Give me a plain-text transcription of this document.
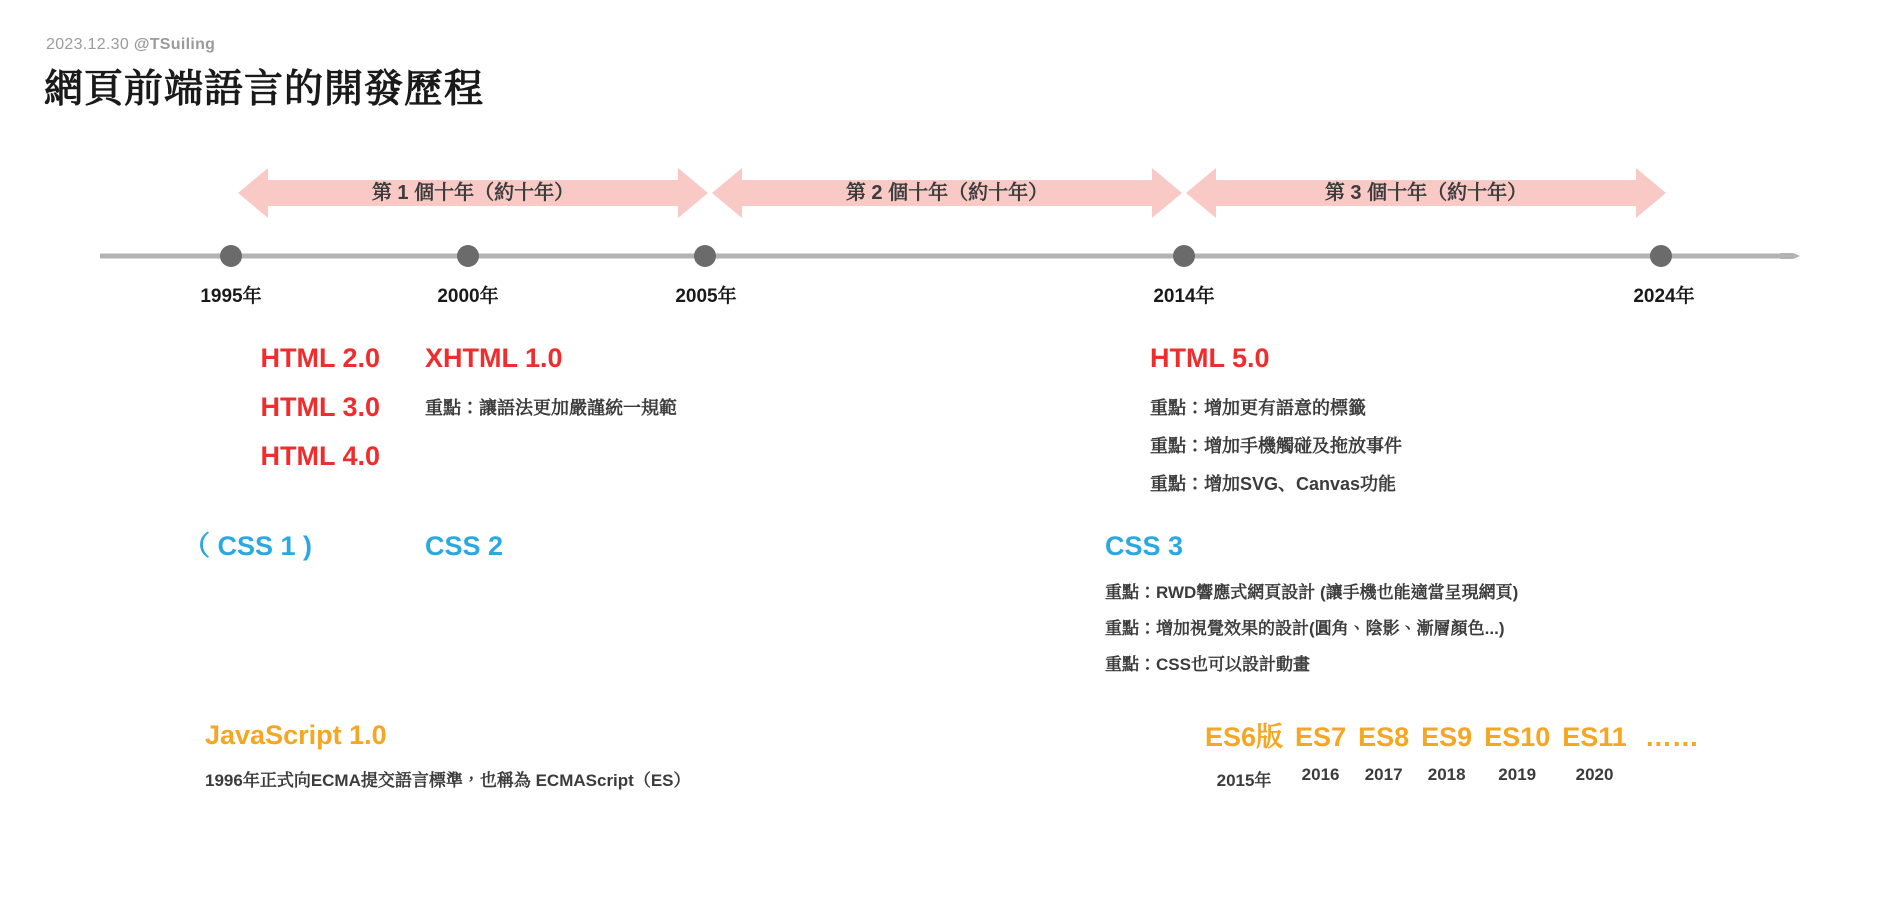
2023.12.30 @TSuiling
網頁前端語言的開發歷程
第 1 個十年（約十年）	第 2 個十年（約十年）	第 3 個十年（約十年）
1995年	2000年	2005年	2014年	2024年
HTML 2.0
HTML 3.0
HTML 4.0
XHTML 1.0
重點：讓語法更加嚴謹統一規範
HTML 5.0
重點：增加更有語意的標籤
重點：增加手機觸碰及拖放事件
重點：增加SVG、Canvas功能
（ CSS 1 )	CSS 2	CSS 3
重點：RWD響應式網頁設計 (讓手機也能適當呈現網頁)
重點：增加視覺效果的設計(圓角、陰影、漸層顏色...)
重點：CSS也可以設計動畫
JavaScript 1.0
1996年正式向ECMA提交語言標準，也稱為 ECMAScript（ES）
ES6版
2015年
ES7
2016
ES8
2017
ES9
2018
ES10
2019
ES11
2020
……
